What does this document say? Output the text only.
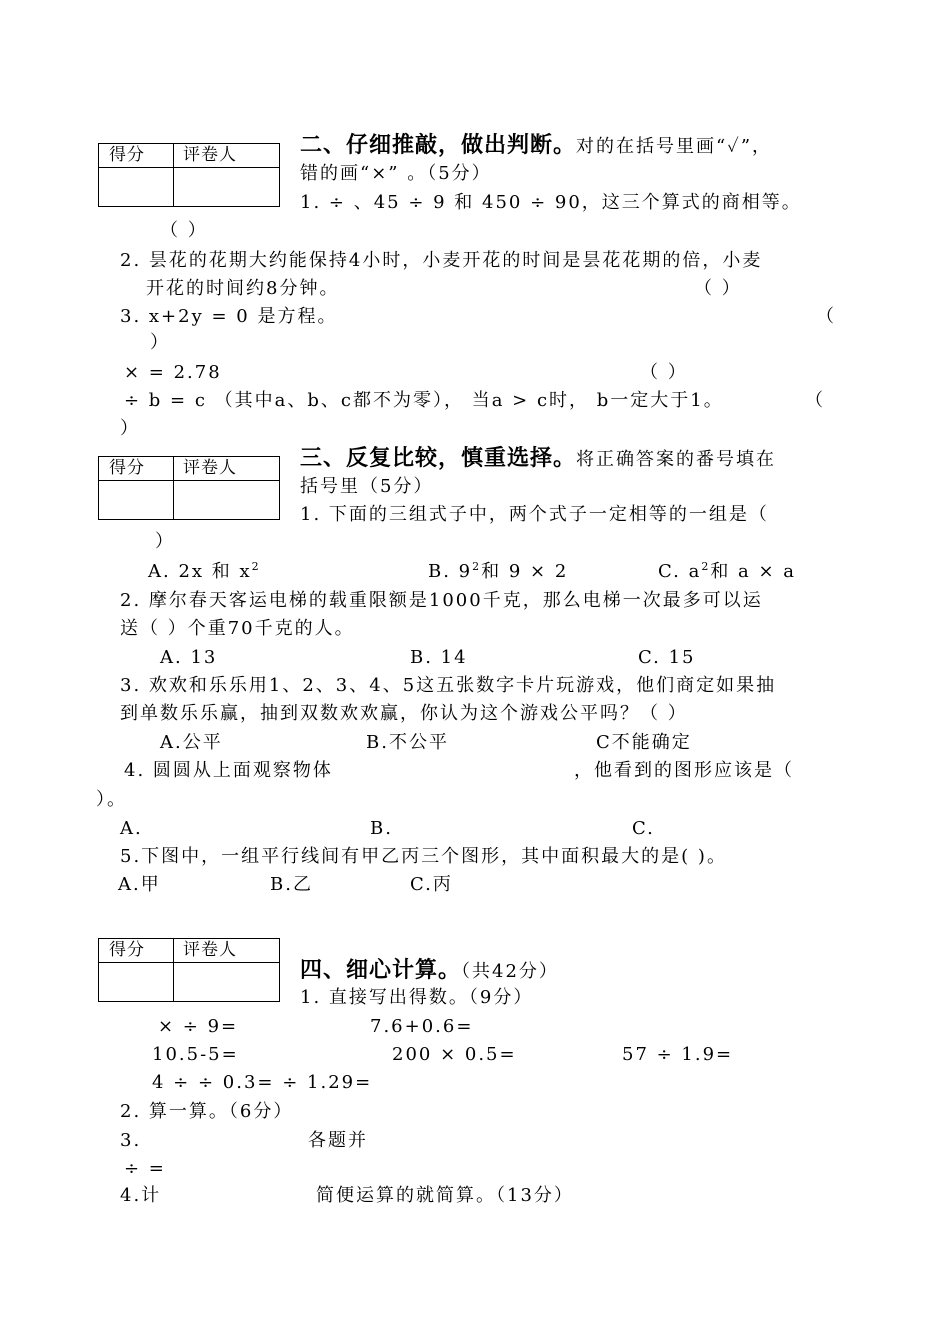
得分 评卷人	二、仔细推敲，做出判断。对的在括号里画“✓”，
错的画“×” 。（5分）
1. ÷ 、45 ÷ 9 和 450 ÷ 90，这三个算式的商相等。
（ ）
2. 昙花的花期大约能保持4小时，小麦开花的时间是昙花花期的倍，小麦
开花的时间约8分钟。	（ ）
3. x+2y = 0 是方程。	（
）
× = 2.78	（ ）
÷ b = c （其中a、b、c都不为零）， 当a > c时， b一定大于1。	（
）
得分 评卷人	三、反复比较，慎重选择。将正确答案的番号填在
括号里（5分）
1. 下面的三组式子中，两个式子一定相等的一组是（
）
A. 2x 和 $x^2$	B. $9^2$和 9 × 2	C. $a^2$和 a × a
2. 摩尔春天客运电梯的载重限额是1000千克，那么电梯一次最多可以运
送（ ）个重70千克的人。
A. 13	B. 14	C. 15
3. 欢欢和乐乐用1、2、3、4、5这五张数字卡片玩游戏，他们商定如果抽
到单数乐乐赢，抽到双数欢欢赢，你认为这个游戏公平吗？（ ）
A.公平	B.不公平	C不能确定
4. 圆圆从上面观察物体	，他看到的图形应该是（
）。
A.	B.	C.
5.下图中，一组平行线间有甲乙丙三个图形，其中面积最大的是( )。
A.甲	B.乙	C.丙
得分 评卷人
四、细心计算。（共42分）
1. 直接写出得数。（9分）
× ÷ 9=	7.6+0.6=
10.5-5=	200 × 0.5=	57 ÷ 1.9=
4 ÷ ÷ 0.3= ÷ 1.29=
2. 算一算。（6分）
3.	各题并
÷ =
4.计	简便运算的就简算。（13分）
